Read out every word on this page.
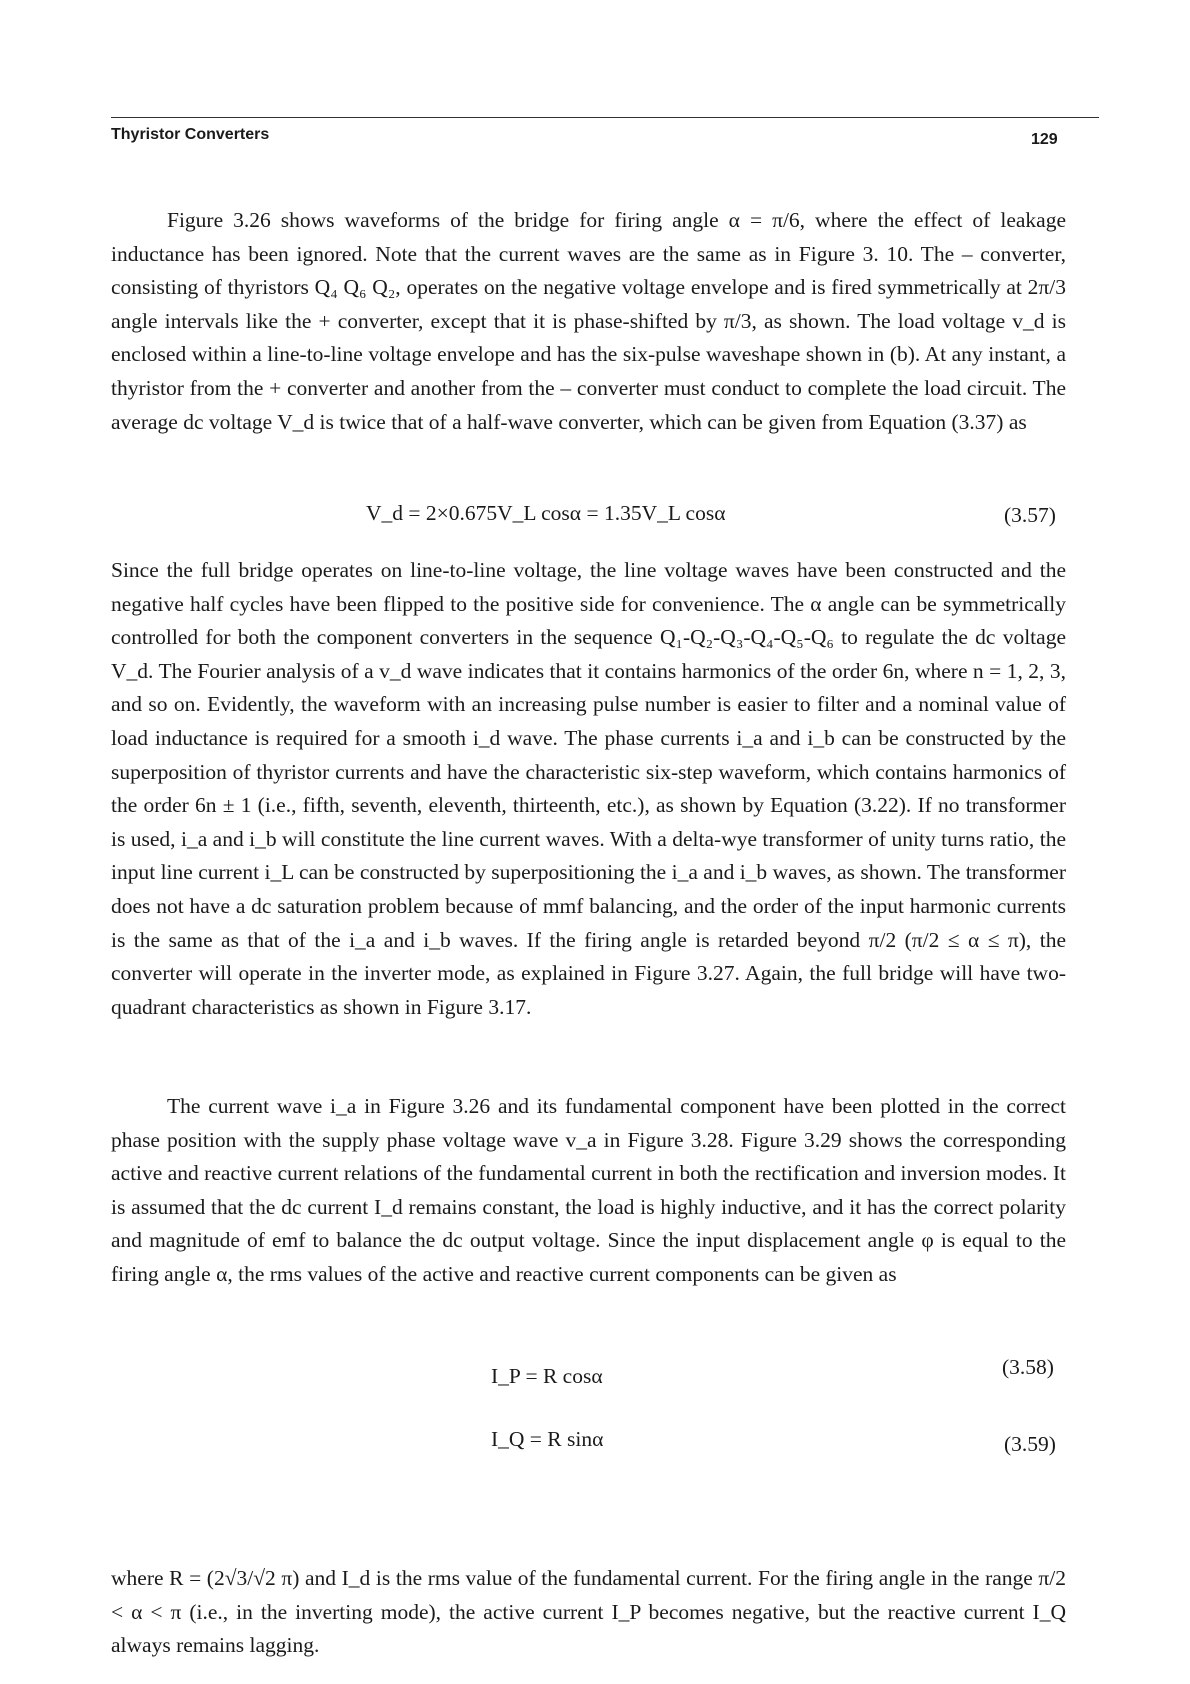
Thyristor Converters	129

Figure 3.26 shows waveforms of the bridge for firing angle α = π/6, where the effect of leakage inductance has been ignored. Note that the current waves are the same as in Figure 3. 10. The – converter, consisting of thyristors Q₄ Q₆ Q₂, operates on the negative voltage envelope and is fired symmetrically at 2π/3 angle intervals like the + converter, except that it is phase-shifted by π/3, as shown. The load voltage v_d is enclosed within a line-to-line voltage envelope and has the six-pulse waveshape shown in (b). At any instant, a thyristor from the + converter and another from the – converter must conduct to complete the load circuit. The average dc voltage V_d is twice that of a half-wave converter, which can be given from Equation (3.37) as

V_d = 2×0.675V_L cosα = 1.35V_L cosα	(3.57)

Since the full bridge operates on line-to-line voltage, the line voltage waves have been constructed and the negative half cycles have been flipped to the positive side for convenience. The α angle can be symmetrically controlled for both the component converters in the sequence Q₁-Q₂-Q₃-Q₄-Q₅-Q₆ to regulate the dc voltage V_d. The Fourier analysis of a v_d wave indicates that it contains harmonics of the order 6n, where n = 1, 2, 3, and so on. Evidently, the waveform with an increasing pulse number is easier to filter and a nominal value of load inductance is required for a smooth i_d wave. The phase currents i_a and i_b can be constructed by the superposition of thyristor currents and have the characteristic six-step waveform, which contains harmonics of the order 6n ± 1 (i.e., fifth, seventh, eleventh, thirteenth, etc.), as shown by Equation (3.22). If no transformer is used, i_a and i_b will constitute the line current waves. With a delta-wye transformer of unity turns ratio, the input line current i_L can be constructed by superpositioning the i_a and i_b waves, as shown. The transformer does not have a dc saturation problem because of mmf balancing, and the order of the input harmonic currents is the same as that of the i_a and i_b waves. If the firing angle is retarded beyond π/2 (π/2 ≤ α ≤ π), the converter will operate in the inverter mode, as explained in Figure 3.27. Again, the full bridge will have two-quadrant characteristics as shown in Figure 3.17.

The current wave i_a in Figure 3.26 and its fundamental component have been plotted in the correct phase position with the supply phase voltage wave v_a in Figure 3.28. Figure 3.29 shows the corresponding active and reactive current relations of the fundamental current in both the rectification and inversion modes. It is assumed that the dc current I_d remains constant, the load is highly inductive, and it has the correct polarity and magnitude of emf to balance the dc output voltage. Since the input displacement angle φ is equal to the firing angle α, the rms values of the active and reactive current components can be given as

I_P = R cosα	(3.58)
I_Q = R sinα	(3.59)

where R = (2√3/√2 π) and I_d is the rms value of the fundamental current. For the firing angle in the range π/2 < α < π (i.e., in the inverting mode), the active current I_P becomes negative, but the reactive current I_Q always remains lagging.
